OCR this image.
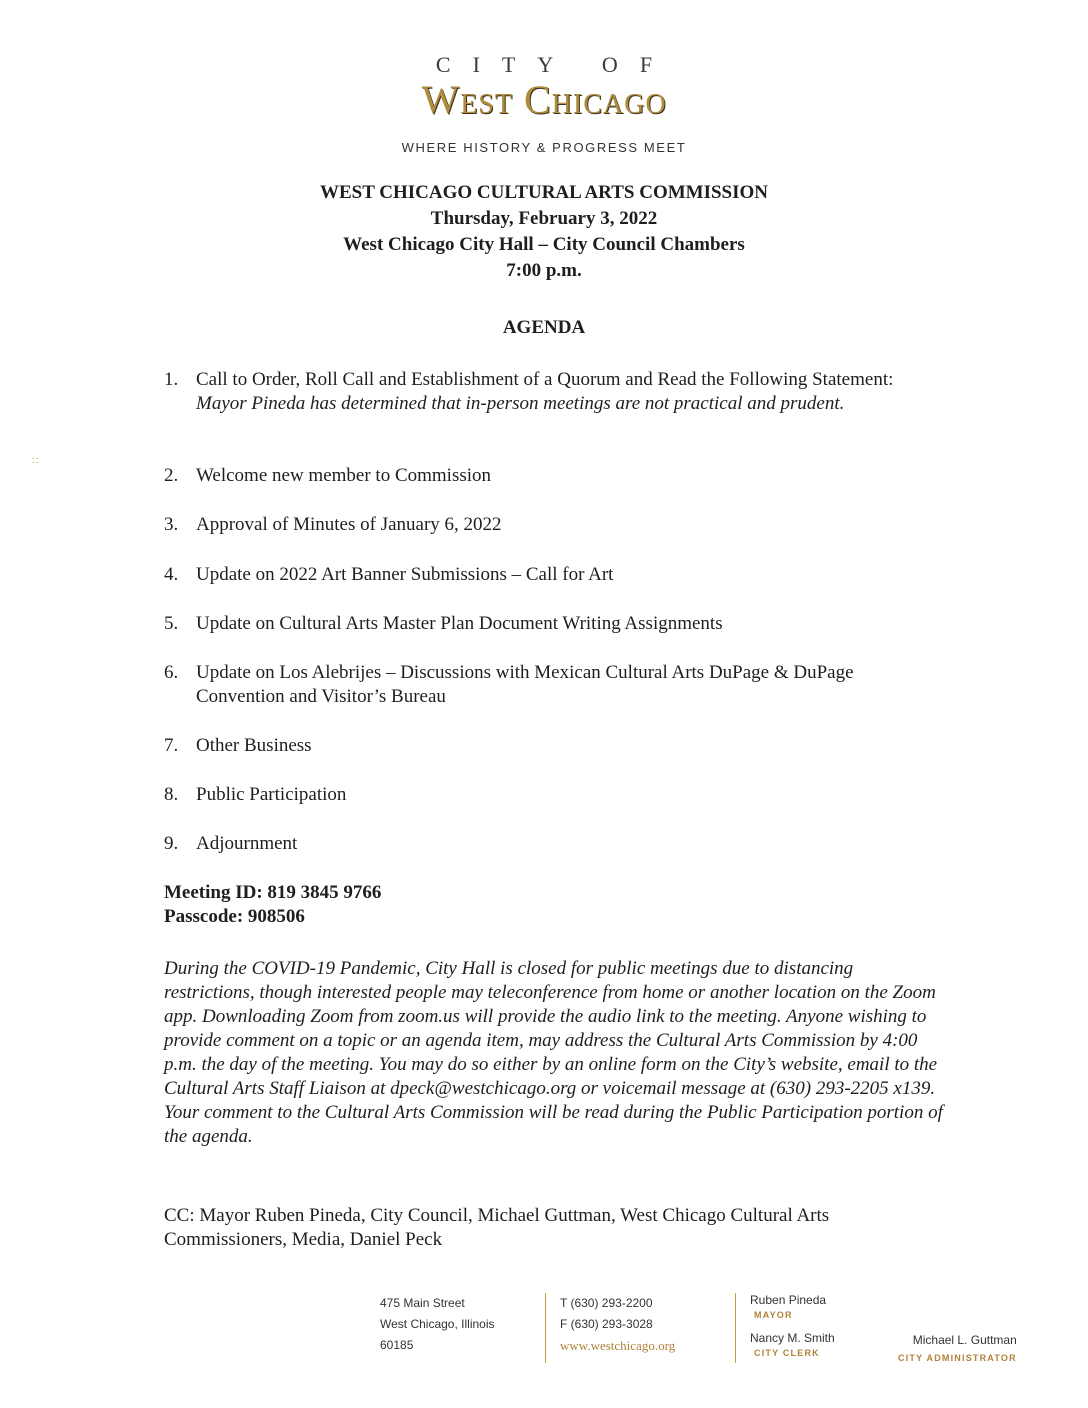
CITY OF
West Chicago
WHERE HISTORY & PROGRESS MEET
∷
WEST CHICAGO CULTURAL ARTS COMMISSION
Thursday, February 3, 2022
West Chicago City Hall – City Council Chambers
7:00 p.m.
AGENDA
1. Call to Order, Roll Call and Establishment of a Quorum and Read the Following Statement: Mayor Pineda has determined that in-person meetings are not practical and prudent.
2. Welcome new member to Commission
3. Approval of Minutes of January 6, 2022
4. Update on 2022 Art Banner Submissions – Call for Art
5. Update on Cultural Arts Master Plan Document Writing Assignments
6. Update on Los Alebrijes – Discussions with Mexican Cultural Arts DuPage & DuPage Convention and Visitor’s Bureau
7. Other Business
8. Public Participation
9. Adjournment
Meeting ID: 819 3845 9766
Passcode: 908506
During the COVID-19 Pandemic, City Hall is closed for public meetings due to distancing restrictions, though interested people may teleconference from home or another location on the Zoom app. Downloading Zoom from zoom.us will provide the audio link to the meeting. Anyone wishing to provide comment on a topic or an agenda item, may address the Cultural Arts Commission by 4:00 p.m. the day of the meeting. You may do so either by an online form on the City’s website, email to the Cultural Arts Staff Liaison at dpeck@westchicago.org or voicemail message at (630) 293-2205 x139. Your comment to the Cultural Arts Commission will be read during the Public Participation portion of the agenda.
CC: Mayor Ruben Pineda, City Council, Michael Guttman, West Chicago Cultural Arts Commissioners, Media, Daniel Peck
475 Main Street
West Chicago, Illinois
60185
T (630) 293-2200
F (630) 293-3028
www.westchicago.org
Ruben Pineda
MAYOR
Nancy M. Smith
CITY CLERK
Michael L. Guttman
CITY ADMINISTRATOR
